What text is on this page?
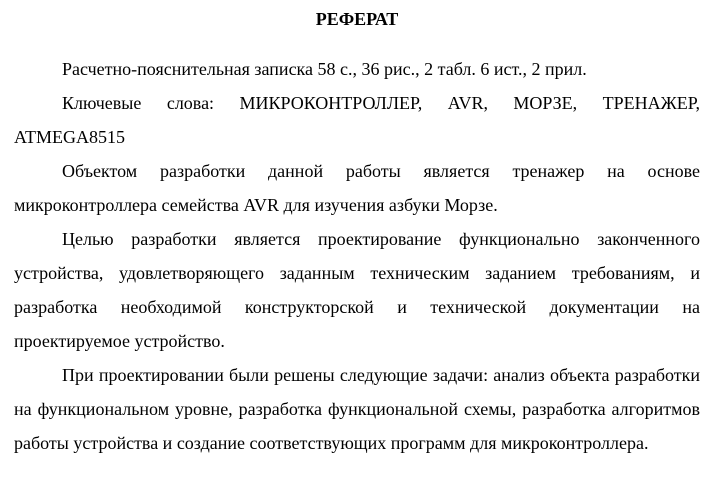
РЕФЕРАТ

Расчетно-пояснительная записка 58 с., 36 рис., 2 табл. 6 ист., 2 прил.

Ключевые слова: МИКРОКОНТРОЛЛЕР, AVR, МОРЗЕ, ТРЕНАЖЕР, ATMEGA8515

Объектом разработки данной работы является тренажер на основе микроконтроллера семейства AVR для изучения азбуки Морзе.

Целью разработки является проектирование функционально законченного устройства, удовлетворяющего заданным техническим заданием требованиям, и разработка необходимой конструкторской и технической документации на проектируемое устройство.

При проектировании были решены следующие задачи: анализ объекта разработки на функциональном уровне, разработка функциональной схемы, разработка алгоритмов работы устройства и создание соответствующих программ для микроконтроллера.
